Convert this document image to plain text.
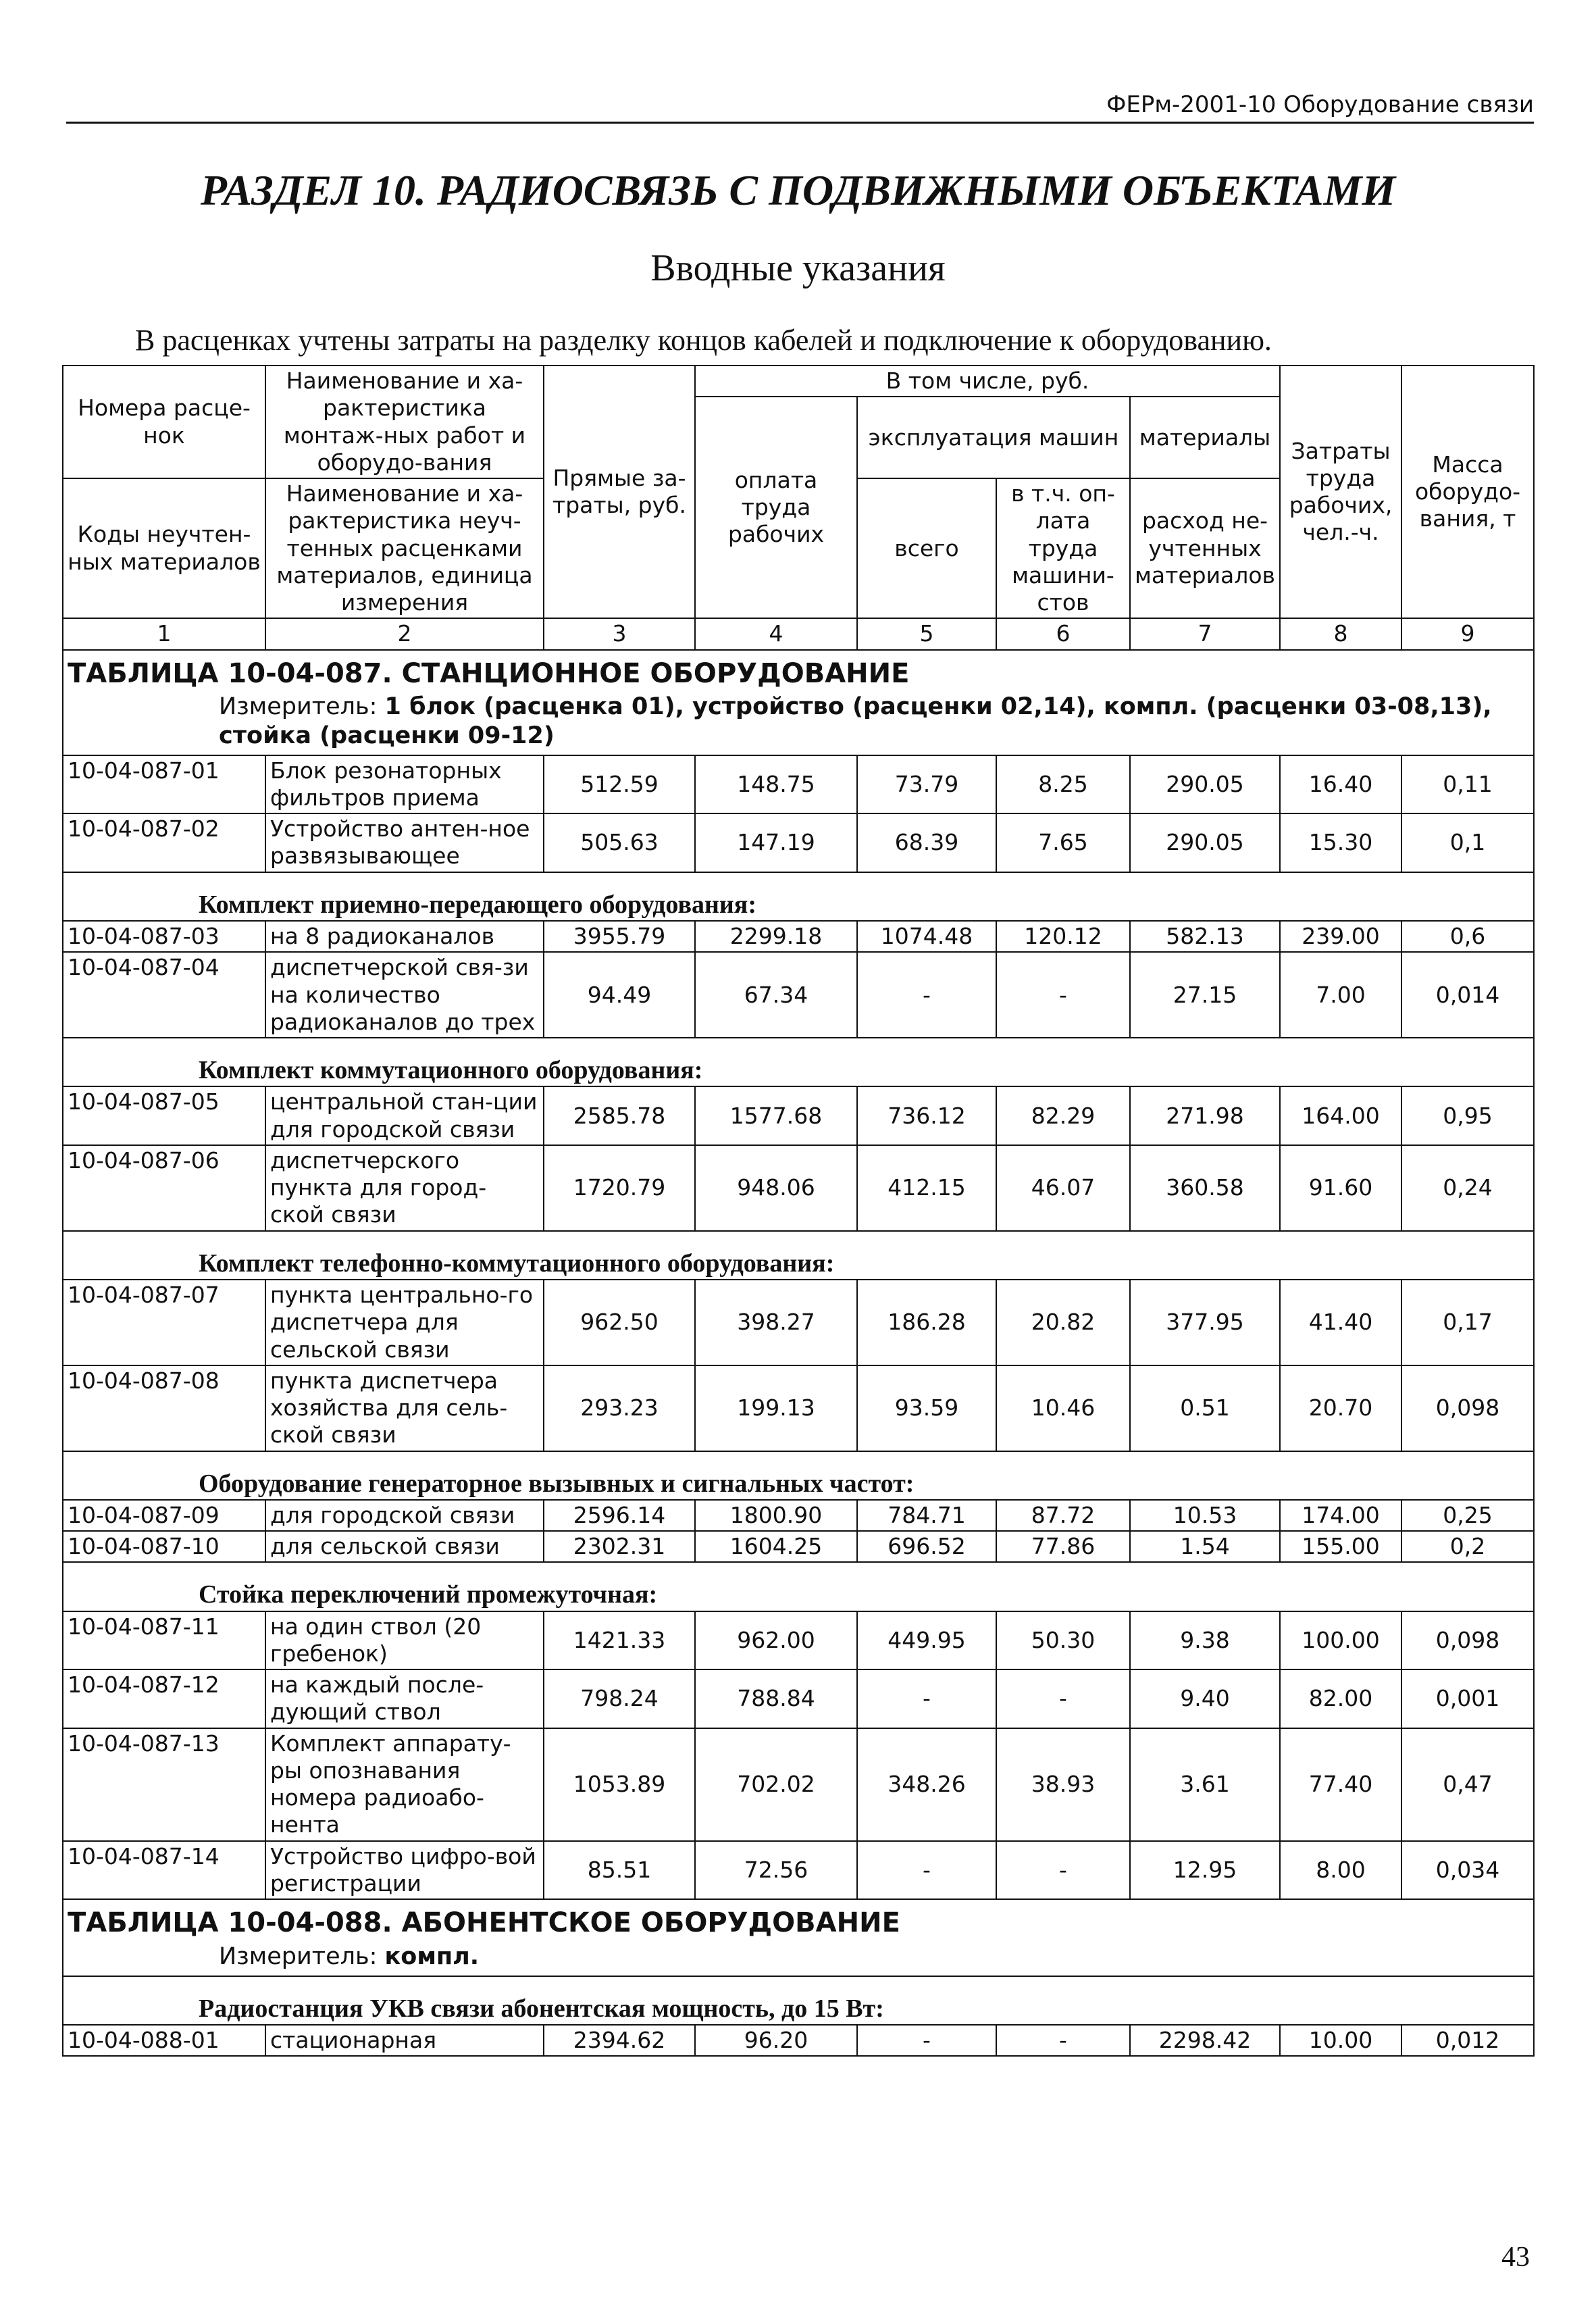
ФЕРм-2001-10 Оборудование связи
РАЗДЕЛ 10. РАДИОСВЯЗЬ С ПОДВИЖНЫМИ ОБЪЕКТАМИ
Вводные указания
В расценках учтены затраты на разделку концов кабелей и подключение к оборудованию.
Номера расце-нок	Наименование и ха-рактеристика монтаж-ных работ и оборудо-вания	Прямые за-траты, руб.	В том числе, руб.				Затраты труда рабочих, чел.-ч.	Масса оборудо-вания, т
			оплата труда рабочих	эксплуатация машин		материалы		
Коды неучтен-ных материалов	Наименование и ха-рактеристика неуч-тенных расценками материалов, единица измерения			всего	в т.ч. оп-лата труда машини-стов	расход не-учтенных материалов		

1	2	3	4	5	6	7	8	9
ТАБЛИЦА 10-04-087. СТАНЦИОННОЕ ОБОРУДОВАНИЕ								
Измеритель: 1 блок (расценка 01), устройство (расценки 02,14), компл. (расценки 03-08,13), стойка (расценки 09-12)								
10-04-087-01	Блок резонаторных фильтров приема	512.59	148.75	73.79	8.25	290.05	16.40	0,11
10-04-087-02	Устройство антен-ное развязывающее	505.63	147.19	68.39	7.65	290.05	15.30	0,1
Комплект приемно-передающего оборудования:								
10-04-087-03	на 8 радиоканалов	3955.79	2299.18	1074.48	120.12	582.13	239.00	0,6
10-04-087-04	диспетчерской свя-зи на количество радиоканалов до трех	94.49	67.34	-	-	27.15	7.00	0,014
Комплект коммутационного оборудования:								
10-04-087-05	центральной стан-ции для городской связи	2585.78	1577.68	736.12	82.29	271.98	164.00	0,95
10-04-087-06	диспетчерского пункта для город-ской связи	1720.79	948.06	412.15	46.07	360.58	91.60	0,24
Комплект телефонно-коммутационного оборудования:								
10-04-087-07	пункта центрально-го диспетчера для сельской связи	962.50	398.27	186.28	20.82	377.95	41.40	0,17
10-04-087-08	пункта диспетчера хозяйства для сель-ской связи	293.23	199.13	93.59	10.46	0.51	20.70	0,098
Оборудование генераторное вызывных и сигнальных частот:								
10-04-087-09	для городской связи	2596.14	1800.90	784.71	87.72	10.53	174.00	0,25
10-04-087-10	для сельской связи	2302.31	1604.25	696.52	77.86	1.54	155.00	0,2
Стойка переключений промежуточная:								
10-04-087-11	на один ствол (20 гребенок)	1421.33	962.00	449.95	50.30	9.38	100.00	0,098
10-04-087-12	на каждый после-дующий ствол	798.24	788.84	-	-	9.40	82.00	0,001
10-04-087-13	Комплект аппарату-ры опознавания номера радиоабо-нента	1053.89	702.02	348.26	38.93	3.61	77.40	0,47
10-04-087-14	Устройство цифро-вой регистрации	85.51	72.56	-	-	12.95	8.00	0,034
ТАБЛИЦА 10-04-088. АБОНЕНТСКОЕ ОБОРУДОВАНИЕ								
Измеритель: компл.								
Радиостанция УКВ связи абонентская мощность, до 15 Вт:								
10-04-088-01	стационарная	2394.62	96.20	-	-	2298.42	10.00	0,012
43
